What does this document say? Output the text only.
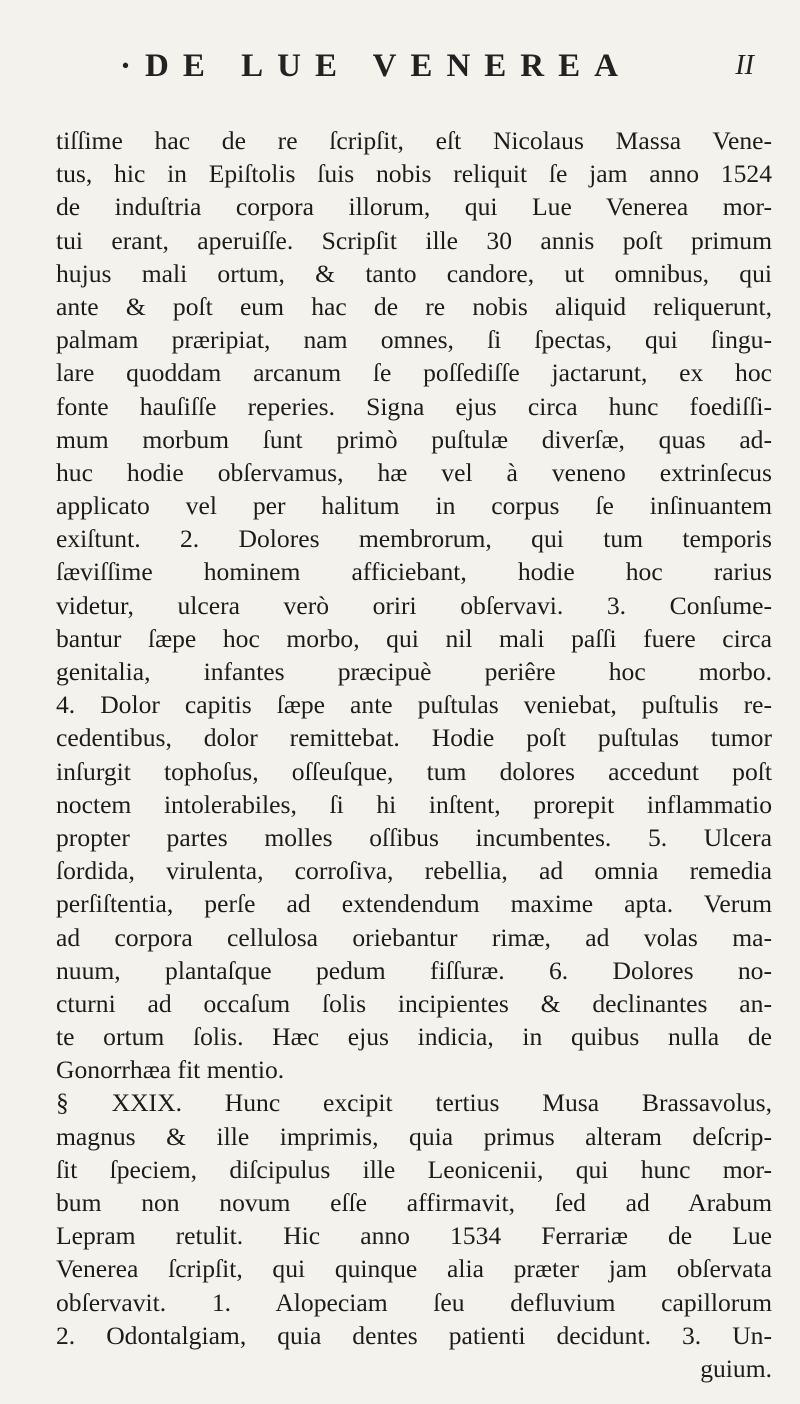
·DE LUE VENEREA	II
tiſſime hac de re ſcripſit, eſt Nicolaus Massa Vene-
tus, hic in Epiſtolis ſuis nobis reliquit ſe jam anno 1524
de induſtria corpora illorum, qui Lue Venerea mor-
tui erant, aperuiſſe. Scripſit ille 30 annis poſt primum
hujus mali ortum, & tanto candore, ut omnibus, qui
ante & poſt eum hac de re nobis aliquid reliquerunt,
palmam præripiat, nam omnes, ſi ſpectas, qui ſingu-
lare quoddam arcanum ſe poſſediſſe jactarunt, ex hoc
fonte hauſiſſe reperies. Signa ejus circa hunc foediſſi-
mum morbum ſunt primò puſtulæ diverſæ, quas ad-
huc hodie obſervamus, hæ vel à veneno extrinſecus
applicato vel per halitum in corpus ſe inſinuantem
exiſtunt. 2. Dolores membrorum, qui tum temporis
ſæviſſime hominem afficiebant, hodie hoc rarius
videtur, ulcera verò oriri obſervavi. 3. Conſume-
bantur ſæpe hoc morbo, qui nil mali paſſi fuere circa
genitalia, infantes præcipuè periêre hoc morbo.
4. Dolor capitis ſæpe ante puſtulas veniebat, puſtulis re-
cedentibus, dolor remittebat. Hodie poſt puſtulas tumor
inſurgit tophoſus, oſſeuſque, tum dolores accedunt poſt
noctem intolerabiles, ſi hi inſtent, prorepit inflammatio
propter partes molles oſſibus incumbentes. 5. Ulcera
ſordida, virulenta, corroſiva, rebellia, ad omnia remedia
perſiſtentia, perſe ad extendendum maxime apta. Verum
ad corpora cellulosa oriebantur rimæ, ad volas ma-
nuum, plantaſque pedum fiſſuræ. 6. Dolores no-
cturni ad occaſum ſolis incipientes & declinantes an-
te ortum ſolis. Hæc ejus indicia, in quibus nulla de
Gonorrhæa fit mentio.
§ XXIX. Hunc excipit tertius Musa Brassavolus,
magnus & ille imprimis, quia primus alteram deſcrip-
ſit ſpeciem, diſcipulus ille Leonicenii, qui hunc mor-
bum non novum eſſe affirmavit, ſed ad Arabum
Lepram retulit. Hic anno 1534 Ferrariæ de Lue
Venerea ſcripſit, qui quinque alia præter jam obſervata
obſervavit. 1. Alopeciam ſeu defluvium capillorum
2. Odontalgiam, quia dentes patienti decidunt. 3. Un-
guium.
